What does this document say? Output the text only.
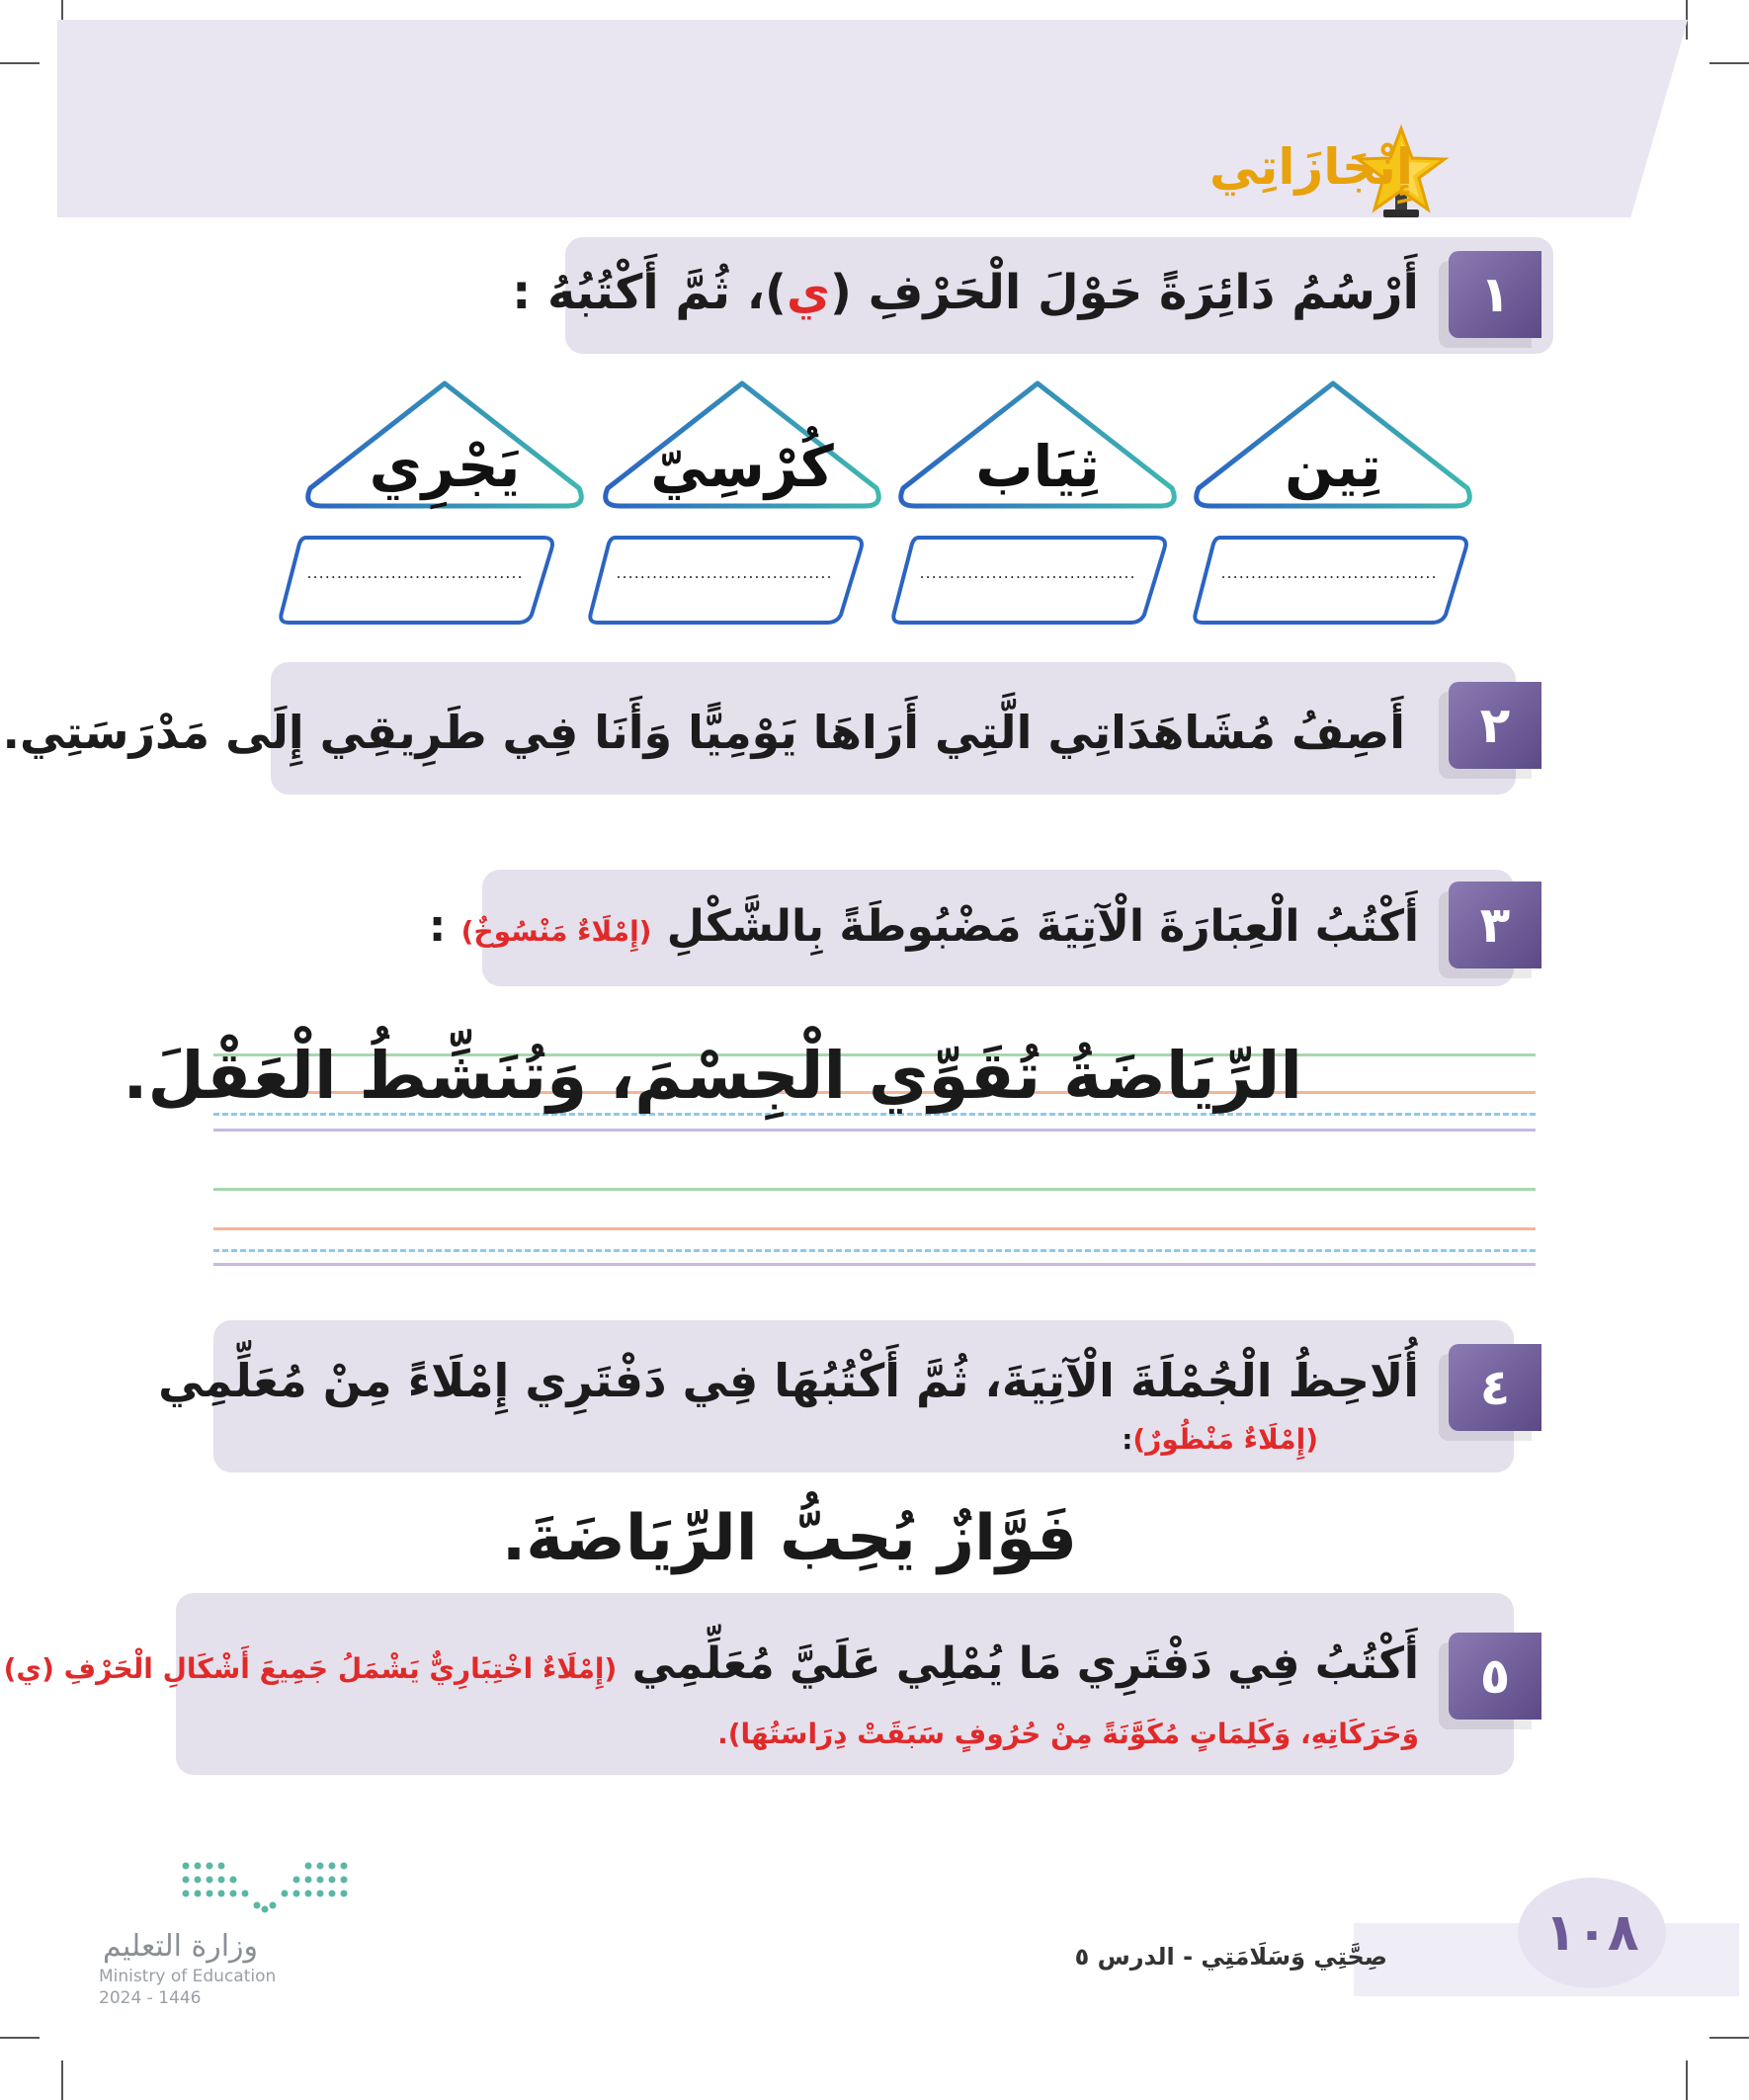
إِنْجَازَاتِي
١
أَرْسُمُ دَائِرَةً حَوْلَ الْحَرْفِ (ي)، ثُمَّ أَكْتُبُهُ :
تِين
ثِيَاب
كُرْسِيّ
يَجْرِي
....................................
....................................
....................................
....................................
٢
أَصِفُ مُشَاهَدَاتِي الَّتِي أَرَاهَا يَوْمِيًّا وَأَنَا فِي طَرِيقِي إِلَى مَدْرَسَتِي.
٣
أَكْتُبُ الْعِبَارَةَ الْآتِيَةَ مَضْبُوطَةً بِالشَّكْلِ (إِمْلَاءٌ مَنْسُوخٌ) :
الرِّيَاضَةُ تُقَوِّي الْجِسْمَ، وَتُنَشِّطُ الْعَقْلَ.
٤
أُلَاحِظُ الْجُمْلَةَ الْآتِيَةَ، ثُمَّ أَكْتُبُهَا فِي دَفْتَرِي إِمْلَاءً مِنْ مُعَلِّمِي
(إِمْلَاءٌ مَنْظُورٌ):
فَوَّازٌ يُحِبُّ الرِّيَاضَةَ.
٥
أَكْتُبُ فِي دَفْتَرِي مَا يُمْلِي عَلَيَّ مُعَلِّمِي (إِمْلَاءٌ اخْتِبَارِيٌّ يَشْمَلُ جَمِيعَ أَشْكَالِ الْحَرْفِ (ي)
وَحَرَكَاتِهِ، وَكَلِمَاتٍ مُكَوَّنَةً مِنْ حُرُوفٍ سَبَقَتْ دِرَاسَتُهَا).
١٠٨
صِحَّتِي وَسَلَامَتِي - الدرس ٥
وزارة التعليم
Ministry of Education
2024 - 1446
